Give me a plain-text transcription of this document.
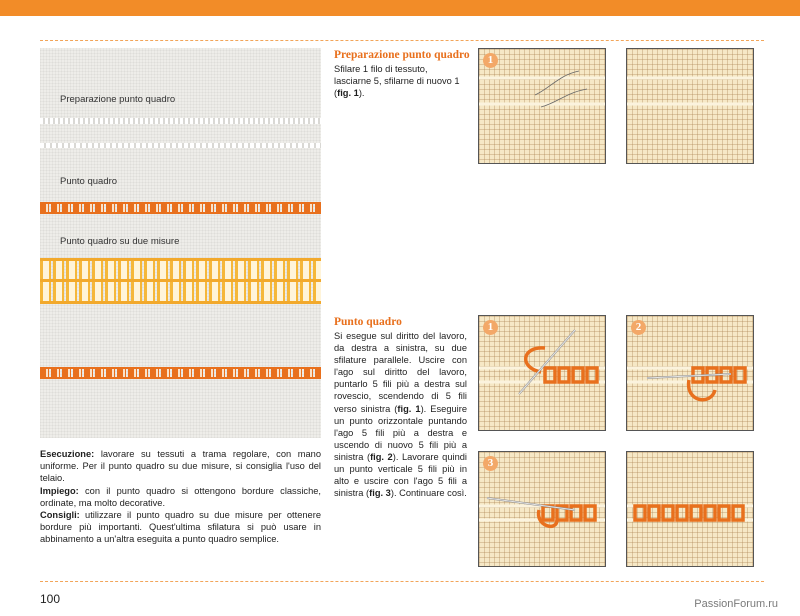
Preparazione punto quadro
Punto quadro
Punto quadro su due misure

Esecuzione: lavorare su tessuti a trama regolare, con mano uniforme. Per il punto quadro su due misure, si consiglia l'uso del telaio.

Impiego: con il punto quadro si ottengono bordure classiche, ordinate, ma molto decorative.

Consigli: utilizzare il punto quadro su due misure per ottenere bordure più importanti. Quest'ultima sfilatura si può usare in abbinamento a un'altra eseguita a punto quadro semplice.

Preparazione punto quadro
Sfilare 1 filo di tessuto, lasciarne 5, sfilarne di nuovo 1 (fig. 1).
1
Punto quadro
Si esegue sul diritto del lavoro, da destra a sinistra, su due sfilature parallele. Uscire con l'ago sul diritto del lavoro, puntarlo 5 fili più a destra sul rovescio, scendendo di 5 fili verso sinistra (fig. 1). Eseguire un punto orizzontale puntando l'ago 5 fili più a destra e uscendo di nuovo 5 fili più a sinistra (fig. 2). Lavorare quindi un punto verticale 5 fili più in alto e uscire con l'ago 5 fili a sinistra (fig. 3). Continuare così.
1	2
3
100	PassionForum.ru
